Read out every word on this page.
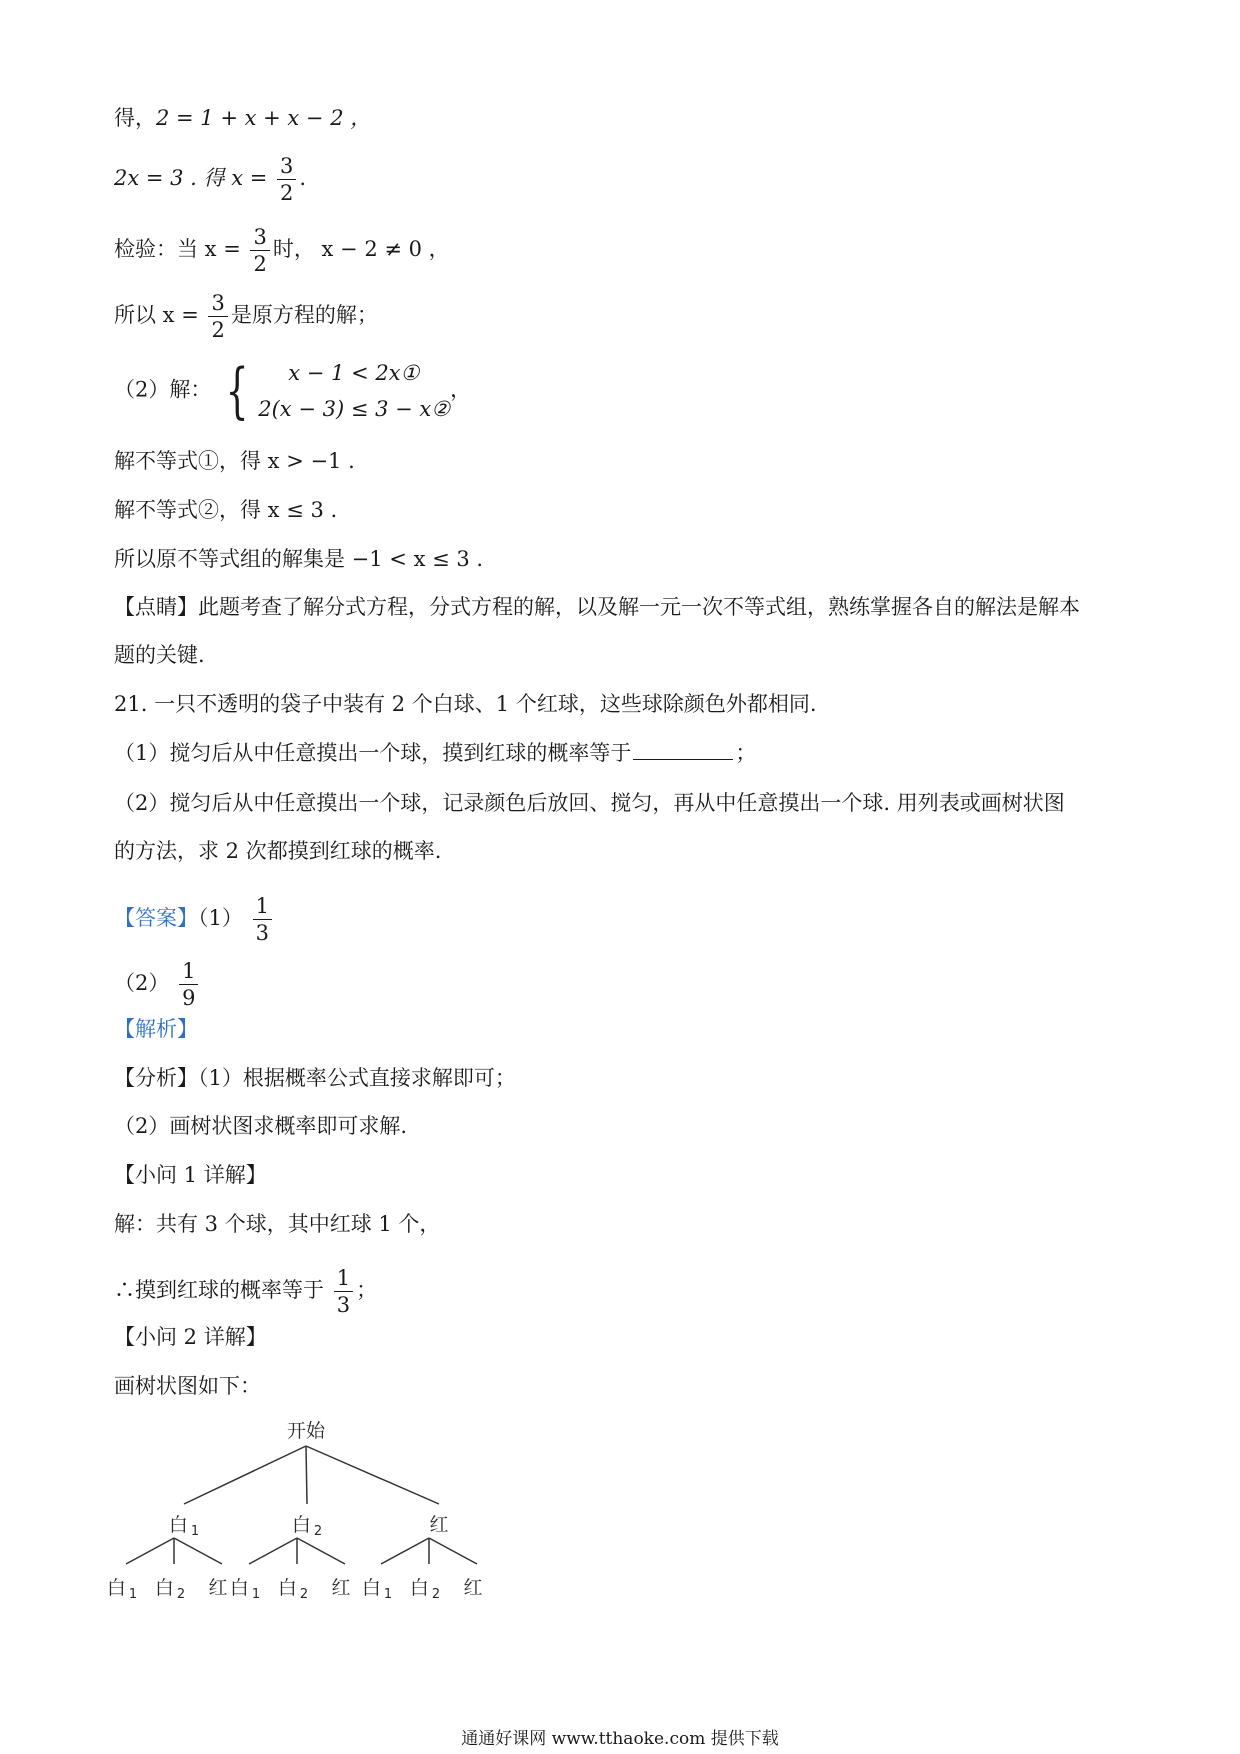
得，2 = 1 + x + x − 2 ，
2x = 3 . 得 $x = \frac{3}{2}$ .
检验：当 $x = \frac{3}{2}$ 时， x − 2 ≠ 0 ，
所以 $x = \frac{3}{2}$ 是原方程的解；
（2）解： {	x − 1 < 2x①
2(x − 3) ≤ 3 − x②
，
解不等式①，得 x > −1 .
解不等式②，得 x ≤ 3 .
所以原不等式组的解集是 −1 < x ≤ 3 .
【点睛】此题考查了解分式方程，分式方程的解，以及解一元一次不等式组，熟练掌握各自的解法是解本
题的关键.
21. 一只不透明的袋子中装有 2 个白球、1 个红球，这些球除颜色外都相同.
（1）搅匀后从中任意摸出一个球，摸到红球的概率等于	；
（2）搅匀后从中任意摸出一个球，记录颜色后放回、搅匀，再从中任意摸出一个球. 用列表或画树状图
的方法，求 2 次都摸到红球的概率.
【答案】$(1) \frac{1}{3}$
$(2) \frac{1}{9}$
【解析】
【分析】（1）根据概率公式直接求解即可；
（2）画树状图求概率即可求解.
【小问 1 详解】
解：共有 3 个球，其中红球 1 个，
∴摸到红球的概率等于 $\frac{1}{3}$ ；
【小问 2 详解】
画树状图如下：
开始
白 $_1$	白 $_2$	红
白 $_1$ 白 $_2$ 红 白 $_1$ 白 $_2$ 红 白 $_1$ 白 $_2$ 红
通通好课网 www.tthaoke.com 提供下载
